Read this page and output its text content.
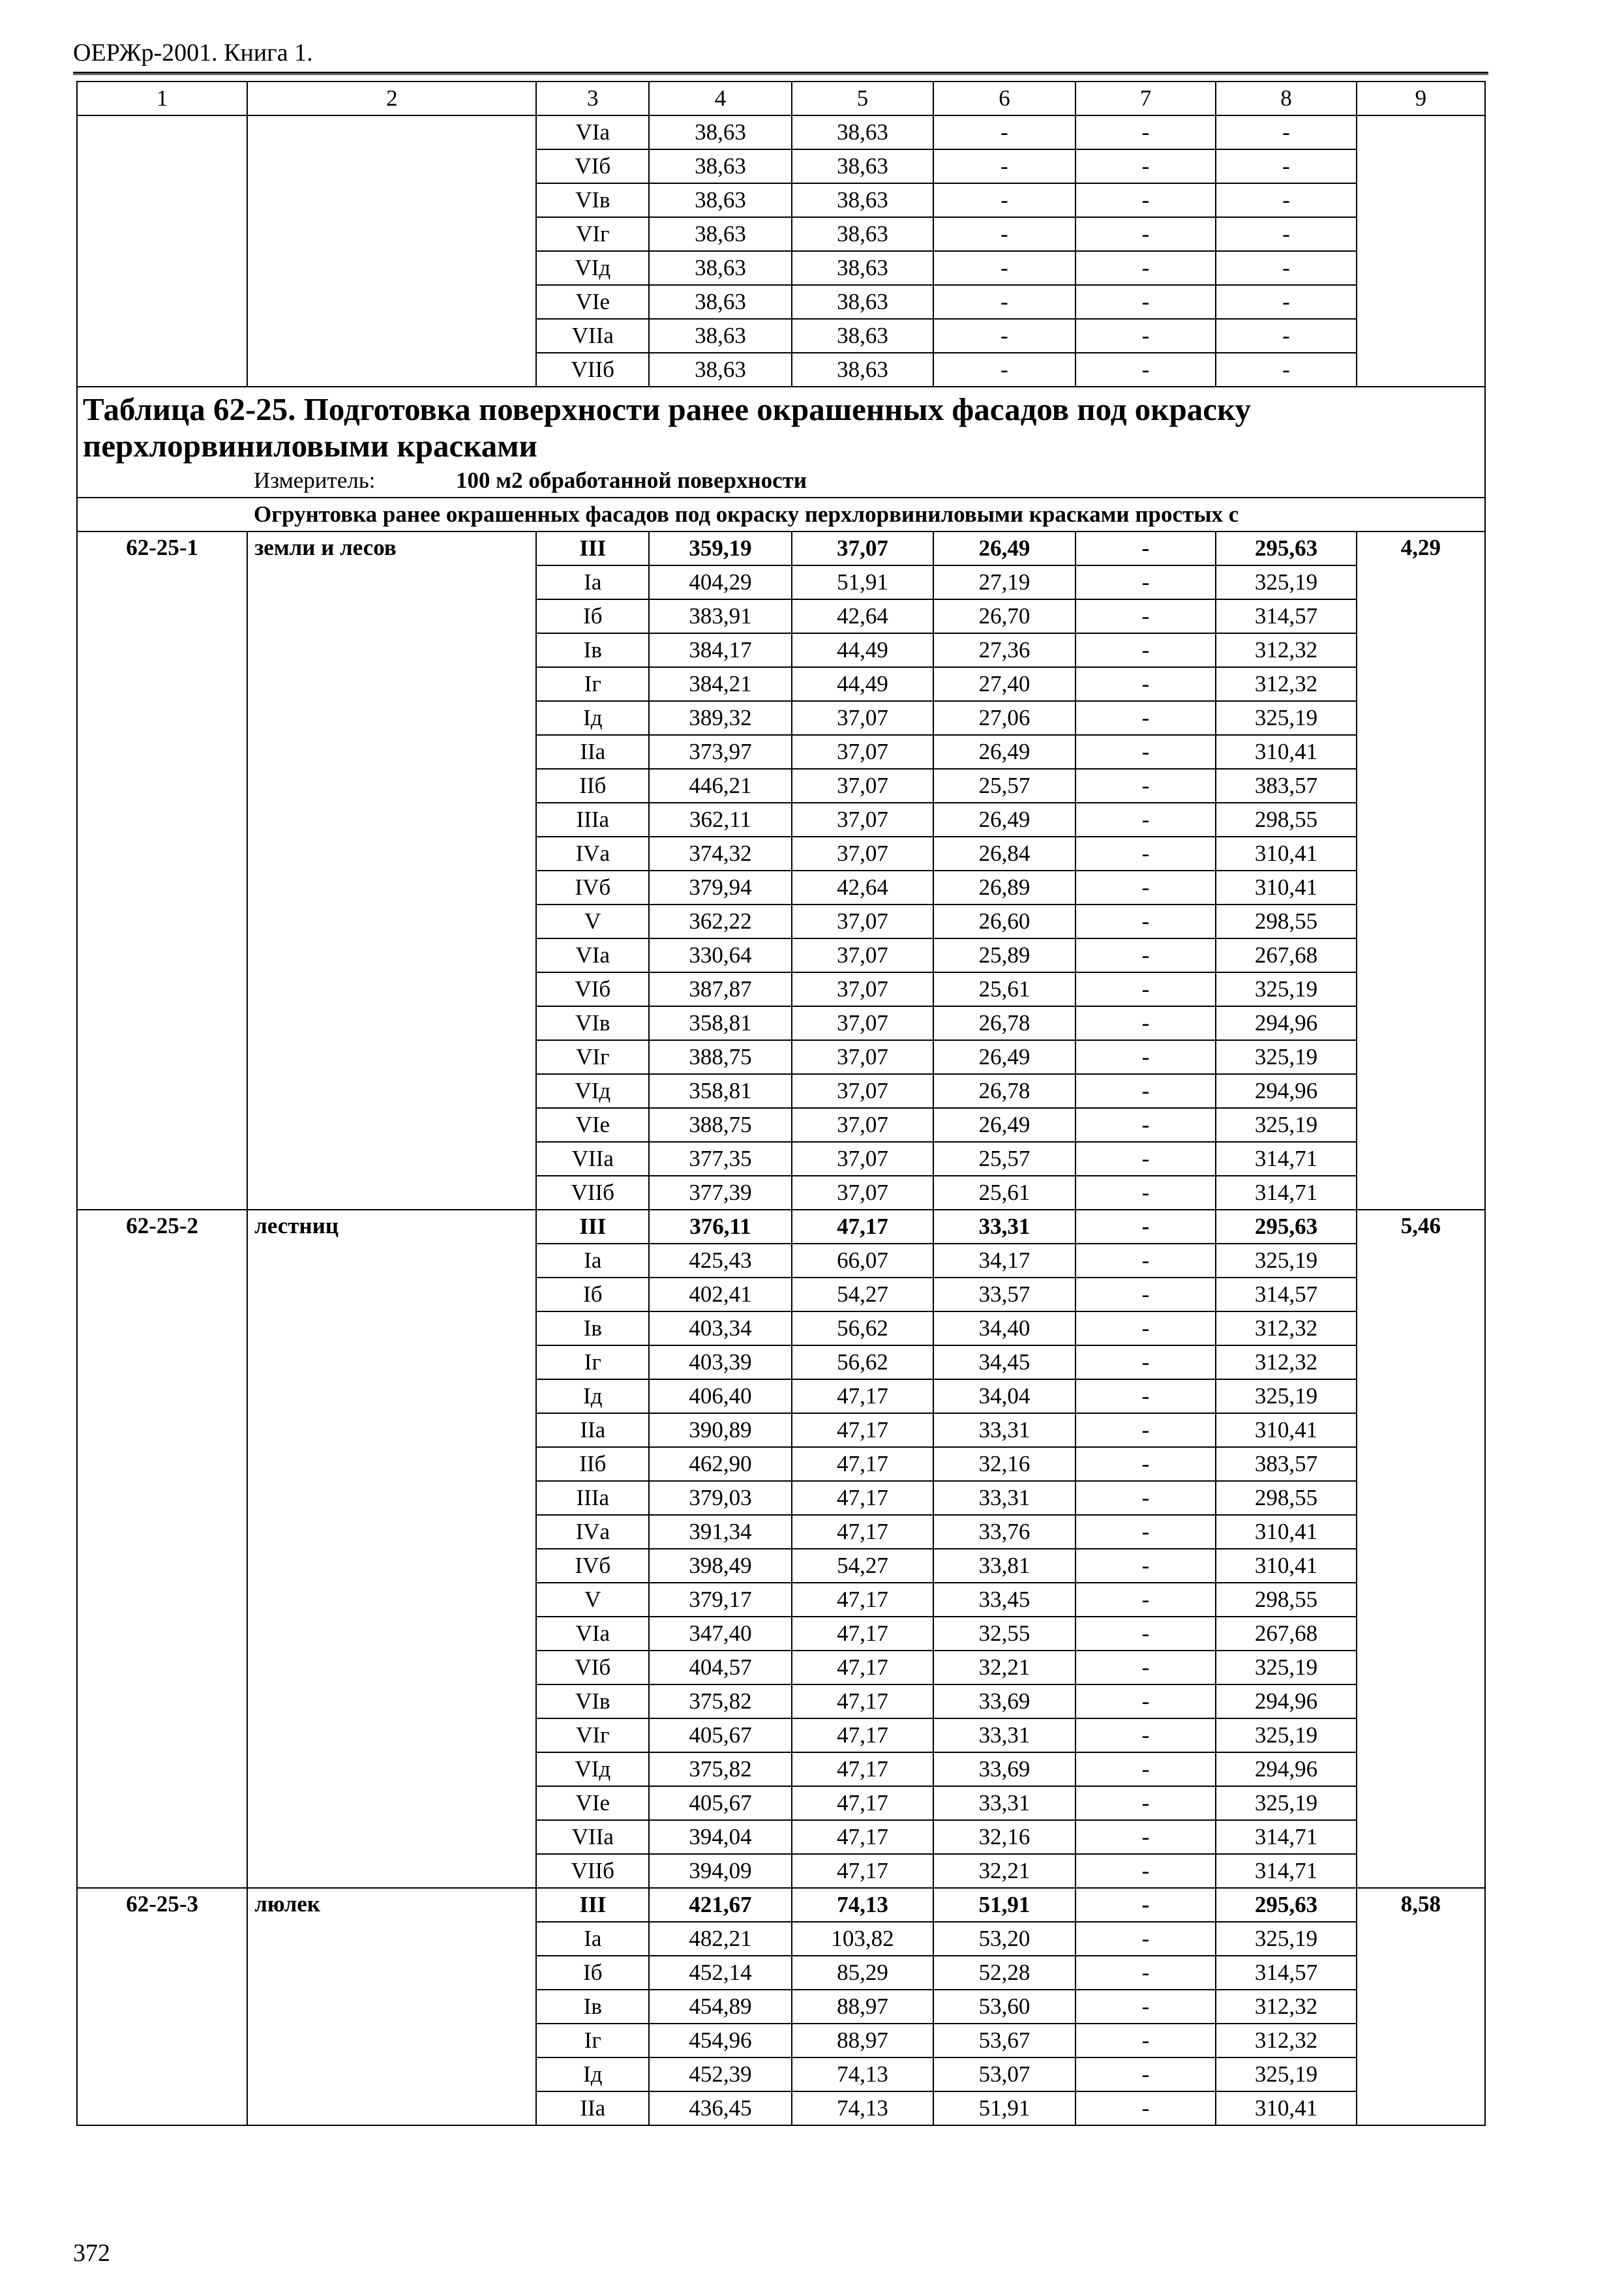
ОЕРЖр-2001. Книга 1.
1	2	3	4	5	6	7	8	9
		VIа	38,63	38,63	-	-	-	
		VIб	38,63	38,63	-	-	-	
		VIв	38,63	38,63	-	-	-	
		VIг	38,63	38,63	-	-	-	
		VIд	38,63	38,63	-	-	-	
		VIе	38,63	38,63	-	-	-	
		VIIа	38,63	38,63	-	-	-	
		VIIб	38,63	38,63	-	-	-	
Таблица 62-25. Подготовка поверхности ранее окрашенных фасадов под окраску перхлорвиниловыми красками								
Измеритель: 100 м2 обработанной поверхности								
Огрунтовка ранее окрашенных фасадов под окраску перхлорвиниловыми красками простых с								
62-25-1	земли и лесов	III	359,19	37,07	26,49	-	295,63	4,29
		Iа	404,29	51,91	27,19	-	325,19	
		Iб	383,91	42,64	26,70	-	314,57	
		Iв	384,17	44,49	27,36	-	312,32	
		Iг	384,21	44,49	27,40	-	312,32	
		Iд	389,32	37,07	27,06	-	325,19	
		IIа	373,97	37,07	26,49	-	310,41	
		IIб	446,21	37,07	25,57	-	383,57	
		IIIа	362,11	37,07	26,49	-	298,55	
		IVа	374,32	37,07	26,84	-	310,41	
		IVб	379,94	42,64	26,89	-	310,41	
		V	362,22	37,07	26,60	-	298,55	
		VIа	330,64	37,07	25,89	-	267,68	
		VIб	387,87	37,07	25,61	-	325,19	
		VIв	358,81	37,07	26,78	-	294,96	
		VIг	388,75	37,07	26,49	-	325,19	
		VIд	358,81	37,07	26,78	-	294,96	
		VIе	388,75	37,07	26,49	-	325,19	
		VIIа	377,35	37,07	25,57	-	314,71	
		VIIб	377,39	37,07	25,61	-	314,71	
62-25-2	лестниц	III	376,11	47,17	33,31	-	295,63	5,46
		Iа	425,43	66,07	34,17	-	325,19	
		Iб	402,41	54,27	33,57	-	314,57	
		Iв	403,34	56,62	34,40	-	312,32	
		Iг	403,39	56,62	34,45	-	312,32	
		Iд	406,40	47,17	34,04	-	325,19	
		IIа	390,89	47,17	33,31	-	310,41	
		IIб	462,90	47,17	32,16	-	383,57	
		IIIа	379,03	47,17	33,31	-	298,55	
		IVа	391,34	47,17	33,76	-	310,41	
		IVб	398,49	54,27	33,81	-	310,41	
		V	379,17	47,17	33,45	-	298,55	
		VIа	347,40	47,17	32,55	-	267,68	
		VIб	404,57	47,17	32,21	-	325,19	
		VIв	375,82	47,17	33,69	-	294,96	
		VIг	405,67	47,17	33,31	-	325,19	
		VIд	375,82	47,17	33,69	-	294,96	
		VIе	405,67	47,17	33,31	-	325,19	
		VIIа	394,04	47,17	32,16	-	314,71	
		VIIб	394,09	47,17	32,21	-	314,71	
62-25-3	люлек	III	421,67	74,13	51,91	-	295,63	8,58
		Iа	482,21	103,82	53,20	-	325,19	
		Iб	452,14	85,29	52,28	-	314,57	
		Iв	454,89	88,97	53,60	-	312,32	
		Iг	454,96	88,97	53,67	-	312,32	
		Iд	452,39	74,13	53,07	-	325,19	
		IIа	436,45	74,13	51,91	-	310,41	
372
